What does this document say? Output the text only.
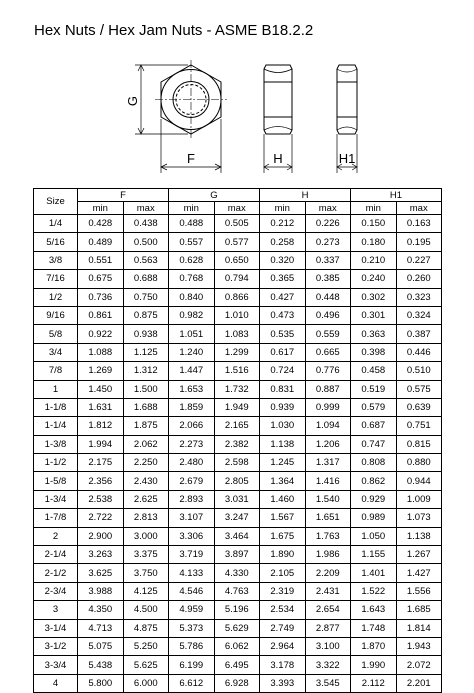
Hex Nuts / Hex Jam Nuts - ASME B18.2.2
G
F	H	H1
Size	F		G		H		H1	
	min	max	min	max	min	max	min	max
1/4	0.428	0.438	0.488	0.505	0.212	0.226	0.150	0.163
5/16	0.489	0.500	0.557	0.577	0.258	0.273	0.180	0.195
3/8	0.551	0.563	0.628	0.650	0.320	0.337	0.210	0.227
7/16	0.675	0.688	0.768	0.794	0.365	0.385	0.240	0.260
1/2	0.736	0.750	0.840	0.866	0.427	0.448	0.302	0.323
9/16	0.861	0.875	0.982	1.010	0.473	0.496	0.301	0.324
5/8	0.922	0.938	1.051	1.083	0.535	0.559	0.363	0.387
3/4	1.088	1.125	1.240	1.299	0.617	0.665	0.398	0.446
7/8	1.269	1.312	1.447	1.516	0.724	0.776	0.458	0.510
1	1.450	1.500	1.653	1.732	0.831	0.887	0.519	0.575
1-1/8	1.631	1.688	1.859	1.949	0.939	0.999	0.579	0.639
1-1/4	1.812	1.875	2.066	2.165	1.030	1.094	0.687	0.751
1-3/8	1.994	2.062	2.273	2.382	1.138	1.206	0.747	0.815
1-1/2	2.175	2.250	2.480	2.598	1.245	1.317	0.808	0.880
1-5/8	2.356	2.430	2.679	2.805	1.364	1.416	0.862	0.944
1-3/4	2.538	2.625	2.893	3.031	1.460	1.540	0.929	1.009
1-7/8	2.722	2.813	3.107	3.247	1.567	1.651	0.989	1.073
2	2.900	3.000	3.306	3.464	1.675	1.763	1.050	1.138
2-1/4	3.263	3.375	3.719	3.897	1.890	1.986	1.155	1.267
2-1/2	3.625	3.750	4.133	4.330	2.105	2.209	1.401	1.427
2-3/4	3.988	4.125	4.546	4.763	2.319	2.431	1.522	1.556
3	4.350	4.500	4.959	5.196	2.534	2.654	1.643	1.685
3-1/4	4.713	4.875	5.373	5.629	2.749	2.877	1.748	1.814
3-1/2	5.075	5.250	5.786	6.062	2.964	3.100	1.870	1.943
3-3/4	5.438	5.625	6.199	6.495	3.178	3.322	1.990	2.072
4	5.800	6.000	6.612	6.928	3.393	3.545	2.112	2.201
